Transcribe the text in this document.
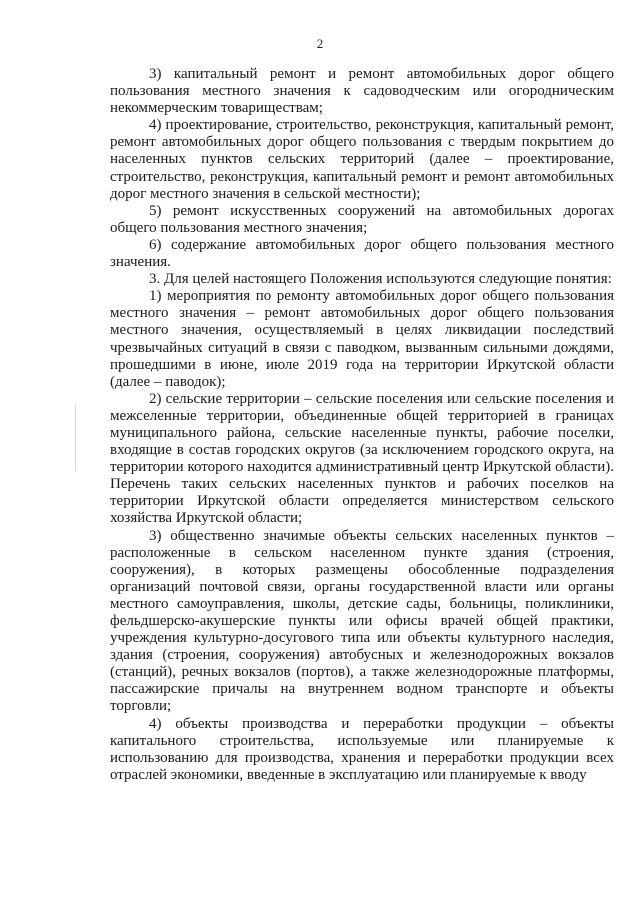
2

3) капитальный ремонт и ремонт автомобильных дорог общего пользования местного значения к садоводческим или огородническим некоммерческим товариществам;

4) проектирование, строительство, реконструкция, капитальный ремонт, ремонт автомобильных дорог общего пользования с твердым покрытием до населенных пунктов сельских территорий (далее – проектирование, строительство, реконструкция, капитальный ремонт и ремонт автомобильных дорог местного значения в сельской местности);

5) ремонт искусственных сооружений на автомобильных дорогах общего пользования местного значения;

6) содержание автомобильных дорог общего пользования местного значения.

3. Для целей настоящего Положения используются следующие понятия:

1) мероприятия по ремонту автомобильных дорог общего пользования местного значения – ремонт автомобильных дорог общего пользования местного значения, осуществляемый в целях ликвидации последствий чрезвычайных ситуаций в связи с паводком, вызванным сильными дождями, прошедшими в июне, июле 2019 года на территории Иркутской области (далее – паводок);

2) сельские территории – сельские поселения или сельские поселения и межселенные территории, объединенные общей территорией в границах муниципального района, сельские населенные пункты, рабочие поселки, входящие в состав городских округов (за исключением городского округа, на территории которого находится административный центр Иркутской области). Перечень таких сельских населенных пунктов и рабочих поселков на территории Иркутской области определяется министерством сельского хозяйства Иркутской области;

3) общественно значимые объекты сельских населенных пунктов – расположенные в сельском населенном пункте здания (строения, сооружения), в которых размещены обособленные подразделения организаций почтовой связи, органы государственной власти или органы местного самоуправления, школы, детские сады, больницы, поликлиники, фельдшерско-акушерские пункты или офисы врачей общей практики, учреждения культурно-досугового типа или объекты культурного наследия, здания (строения, сооружения) автобусных и железнодорожных вокзалов (станций), речных вокзалов (портов), а также железнодорожные платформы, пассажирские причалы на внутреннем водном транспорте и объекты торговли;

4) объекты производства и переработки продукции – объекты капитального строительства, используемые или планируемые к использованию для производства, хранения и переработки продукции всех отраслей экономики, введенные в эксплуатацию или планируемые к вводу
